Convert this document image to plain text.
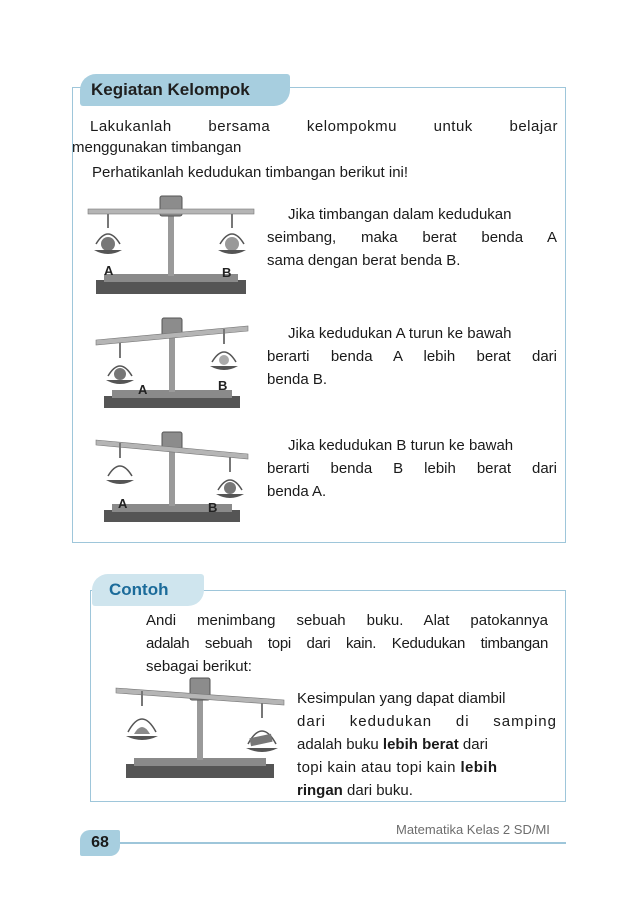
Kegiatan Kelompok
Lakukanlah bersama kelompokmu untuk belajar
menggunakan timbangan
Perhatikanlah kedudukan timbangan berikut ini!
A	B
Jika timbangan dalam kedudukan
seimbang, maka berat benda A
sama dengan berat benda B.
A	B
Jika kedudukan A turun ke bawah
berarti benda A lebih berat dari
benda B.
A	B
Jika kedudukan B turun ke bawah
berarti benda B lebih berat dari
benda A.
Contoh
Andi menimbang sebuah buku. Alat patokannya
adalah sebuah topi dari kain. Kedudukan timbangan
sebagai berikut:
Kesimpulan yang dapat diambil
dari kedudukan di samping
adalah buku lebih berat dari
topi kain atau topi kain lebih
ringan dari buku.
Matematika Kelas 2 SD/MI
68
